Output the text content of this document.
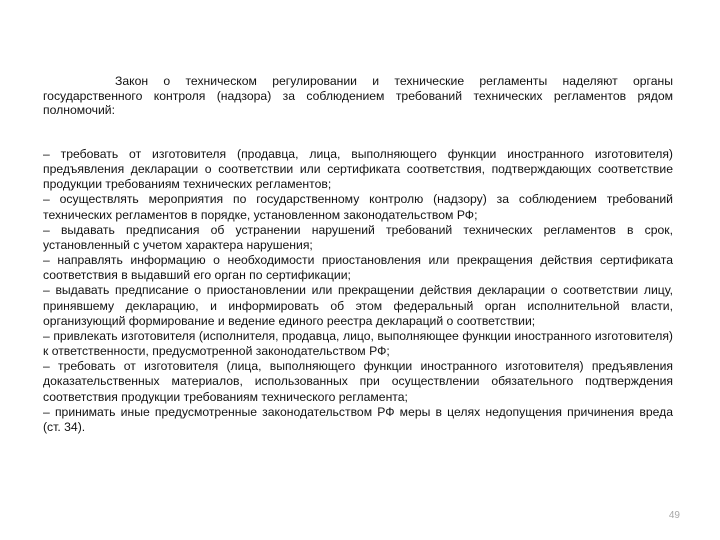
Закон о техническом регулировании и технические регламенты наделяют органы государственного контроля (надзора) за соблюдением требований технических регламентов рядом полномочий:

– требовать от изготовителя (продавца, лица, выполняющего функции иностранного изготовителя) предъявления декларации о соответствии или сертификата соответствия, подтверждающих соответствие продукции требованиям технических регламентов;
– осуществлять мероприятия по государственному контролю (надзору) за соблюдением требований технических регламентов в порядке, установленном законодательством РФ;
– выдавать предписания об устранении нарушений требований технических регламентов в срок, установленный с учетом характера нарушения;
– направлять информацию о необходимости приостановления или прекращения действия сертификата соответствия в выдавший его орган по сертификации;
– выдавать предписание о приостановлении или прекращении действия декларации о соответствии лицу, принявшему декларацию, и информировать об этом федеральный орган исполнительной власти, организующий формирование и ведение единого реестра деклараций о соответствии;
– привлекать изготовителя (исполнителя, продавца, лицо, выполняющее функции иностранного изготовителя) к ответственности, предусмотренной законодательством РФ;
– требовать от изготовителя (лица, выполняющего функции иностранного изготовителя) предъявления доказательственных материалов, использованных при осуществлении обязательного подтверждения соответствия продукции требованиям технического регламента;
– принимать иные предусмотренные законодательством РФ меры в целях недопущения причинения вреда (ст. 34).
49
